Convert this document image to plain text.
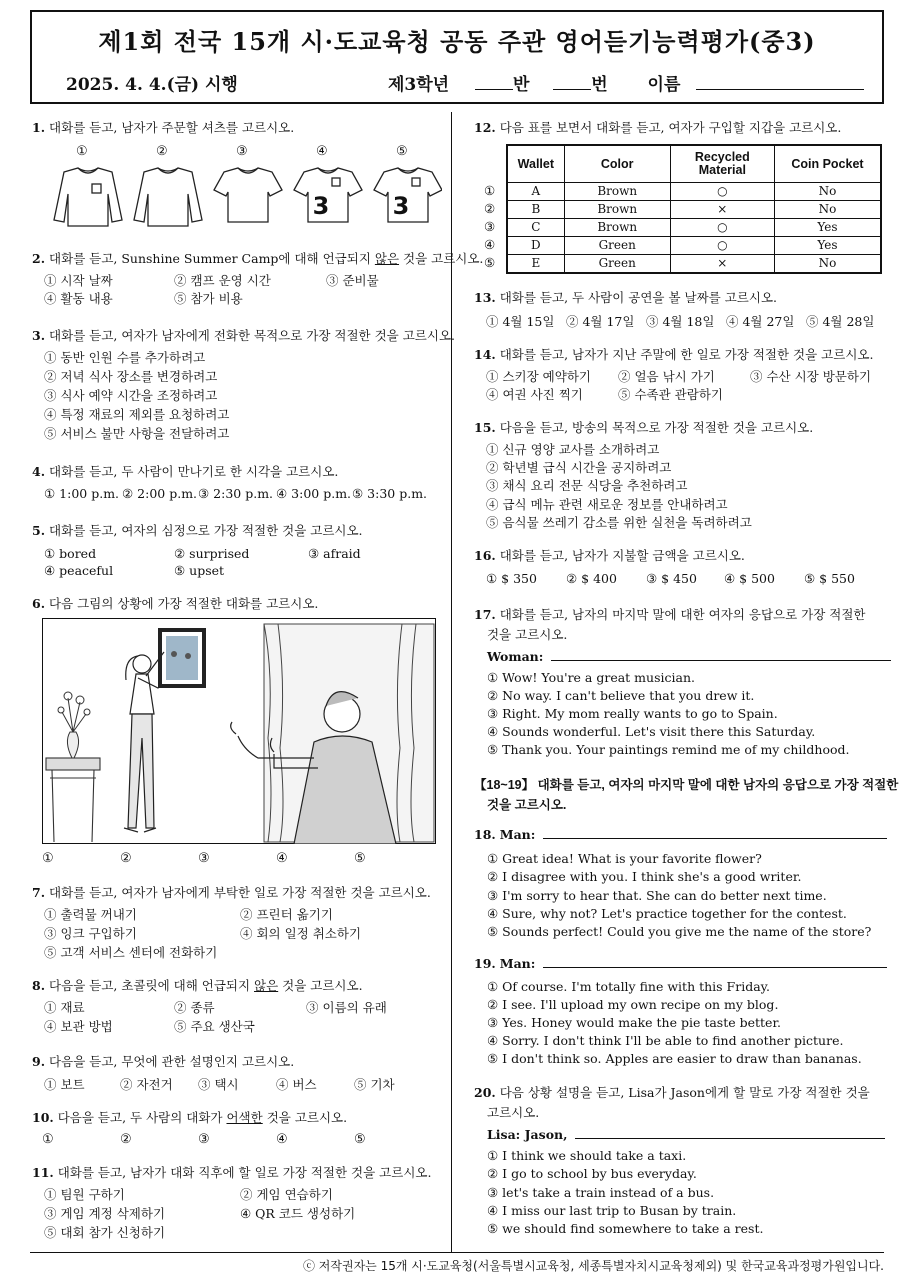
제1회 전국 15개 시·도교육청 공동 주관 영어듣기능력평가(중3)
2025. 4. 4.(금) 시행	제3학년	반	번 이름
1. 대화를 듣고, 남자가 주문할 셔츠를 고르시오.
①	②	③	④	⑤
3	3
2. 대화를 듣고, Sunshine Summer Camp에 대해 언급되지 않은 것을 고르시오.
① 시작 날짜	② 캠프 운영 시간	③ 준비물
④ 활동 내용	⑤ 참가 비용
3. 대화를 듣고, 여자가 남자에게 전화한 목적으로 가장 적절한 것을 고르시오.
① 동반 인원 수를 추가하려고
② 저녁 식사 장소를 변경하려고
③ 식사 예약 시간을 조정하려고
④ 특정 재료의 제외를 요청하려고
⑤ 서비스 불만 사항을 전달하려고
4. 대화를 듣고, 두 사람이 만나기로 한 시각을 고르시오.
① 1:00 p.m. ② 2:00 p.m. ③ 2:30 p.m. ④ 3:00 p.m. ⑤ 3:30 p.m.
5. 대화를 듣고, 여자의 심정으로 가장 적절한 것을 고르시오.
① bored	② surprised	③ afraid
④ peaceful	⑤ upset
6. 다음 그림의 상황에 가장 적절한 대화를 고르시오.
①	②	③	④	⑤
7. 대화를 듣고, 여자가 남자에게 부탁한 일로 가장 적절한 것을 고르시오.
① 출력물 꺼내기	② 프린터 옮기기
③ 잉크 구입하기	④ 회의 일정 취소하기
⑤ 고객 서비스 센터에 전화하기
8. 다음을 듣고, 초콜릿에 대해 언급되지 않은 것을 고르시오.
① 재료	② 종류	③ 이름의 유래
④ 보관 방법	⑤ 주요 생산국
9. 다음을 듣고, 무엇에 관한 설명인지 고르시오.
① 보트	② 자전거 ③ 택시	④ 버스	⑤ 기차
10. 다음을 듣고, 두 사람의 대화가 어색한 것을 고르시오.
①	②	③	④	⑤
11. 대화를 듣고, 남자가 대화 직후에 할 일로 가장 적절한 것을 고르시오.
① 팀원 구하기	② 게임 연습하기
③ 게임 계정 삭제하기	④ QR 코드 생성하기
⑤ 대회 참가 신청하기
12. 다음 표를 보면서 대화를 듣고, 여자가 구입할 지갑을 고르시오.
①
②
③
④
⑤
Wallet	Color	Recycled Material	Coin Pocket
A	Brown	○	No
B	Brown	×	No
C	Brown	○	Yes
D	Green	○	Yes
E	Green	×	No
13. 대화를 듣고, 두 사람이 공연을 볼 날짜를 고르시오.
① 4월 15일 ② 4월 17일 ③ 4월 18일 ④ 4월 27일 ⑤ 4월 28일
14. 대화를 듣고, 남자가 지난 주말에 한 일로 가장 적절한 것을 고르시오.
① 스키장 예약하기 ② 얼음 낚시 가기	③ 수산 시장 방문하기
④ 여권 사진 찍기	⑤ 수족관 관람하기
15. 다음을 듣고, 방송의 목적으로 가장 적절한 것을 고르시오.
① 신규 영양 교사를 소개하려고
② 학년별 급식 시간을 공지하려고
③ 채식 요리 전문 식당을 추천하려고
④ 급식 메뉴 관련 새로운 정보를 안내하려고
⑤ 음식물 쓰레기 감소를 위한 실천을 독려하려고
16. 대화를 듣고, 남자가 지불할 금액을 고르시오.
① $ 350 ② $ 400 ③ $ 450 ④ $ 500 ⑤ $ 550
17. 대화를 듣고, 남자의 마지막 말에 대한 여자의 응답으로 가장 적절한
것을 고르시오.
Woman:
① Wow! You're a great musician.
② No way. I can't believe that you drew it.
③ Right. My mom really wants to go to Spain.
④ Sounds wonderful. Let's visit there this Saturday.
⑤ Thank you. Your paintings remind me of my childhood.
【18~19】 대화를 듣고, 여자의 마지막 말에 대한 남자의 응답으로 가장 적절한
것을 고르시오.
18. Man:
① Great idea! What is your favorite flower?
② I disagree with you. I think she's a good writer.
③ I'm sorry to hear that. She can do better next time.
④ Sure, why not? Let's practice together for the contest.
⑤ Sounds perfect! Could you give me the name of the store?
19. Man:
① Of course. I'm totally fine with this Friday.
② I see. I'll upload my own recipe on my blog.
③ Yes. Honey would make the pie taste better.
④ Sorry. I don't think I'll be able to find another picture.
⑤ I don't think so. Apples are easier to draw than bananas.
20. 다음 상황 설명을 듣고, Lisa가 Jason에게 할 말로 가장 적절한 것을
고르시오.
Lisa: Jason,
① I think we should take a taxi.
② I go to school by bus everyday.
③ let's take a train instead of a bus.
④ I miss our last trip to Busan by train.
⑤ we should find somewhere to take a rest.
ⓒ 저작권자는 15개 시·도교육청(서울특별시교육청, 세종특별자치시교육청제외) 및 한국교육과정평가원입니다.
